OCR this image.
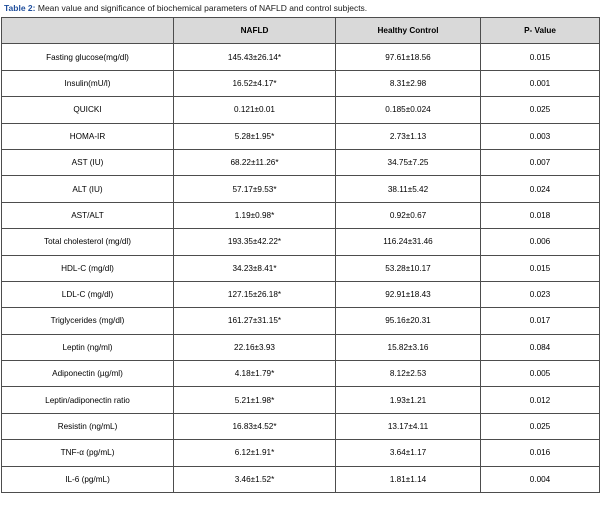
Table 2: Mean value and significance of biochemical parameters of NAFLD and control subjects.
	NAFLD	Healthy Control	P- Value
Fasting glucose(mg/dl)	145.43±26.14*	97.61±18.56	0.015
Insulin(mU/l)	16.52±4.17*	8.31±2.98	0.001
QUICKI	0.121±0.01	0.185±0.024	0.025
HOMA-IR	5.28±1.95*	2.73±1.13	0.003
AST (IU)	68.22±11.26*	34.75±7.25	0.007
ALT (IU)	57.17±9.53*	38.11±5.42	0.024
AST/ALT	1.19±0.98*	0.92±0.67	0.018
Total cholesterol (mg/dl)	193.35±42.22*	116.24±31.46	0.006
HDL-C (mg/dl)	34.23±8.41*	53.28±10.17	0.015
LDL-C (mg/dl)	127.15±26.18*	92.91±18.43	0.023
Triglycerides (mg/dl)	161.27±31.15*	95.16±20.31	0.017
Leptin (ng/ml)	22.16±3.93	15.82±3.16	0.084
Adiponectin (µg/ml)	4.18±1.79*	8.12±2.53	0.005
Leptin/adiponectin ratio	5.21±1.98*	1.93±1.21	0.012
Resistin (ng/mL)	16.83±4.52*	13.17±4.11	0.025
TNF-α (pg/mL)	6.12±1.91*	3.64±1.17	0.016
IL-6 (pg/mL)	3.46±1.52*	1.81±1.14	0.004
